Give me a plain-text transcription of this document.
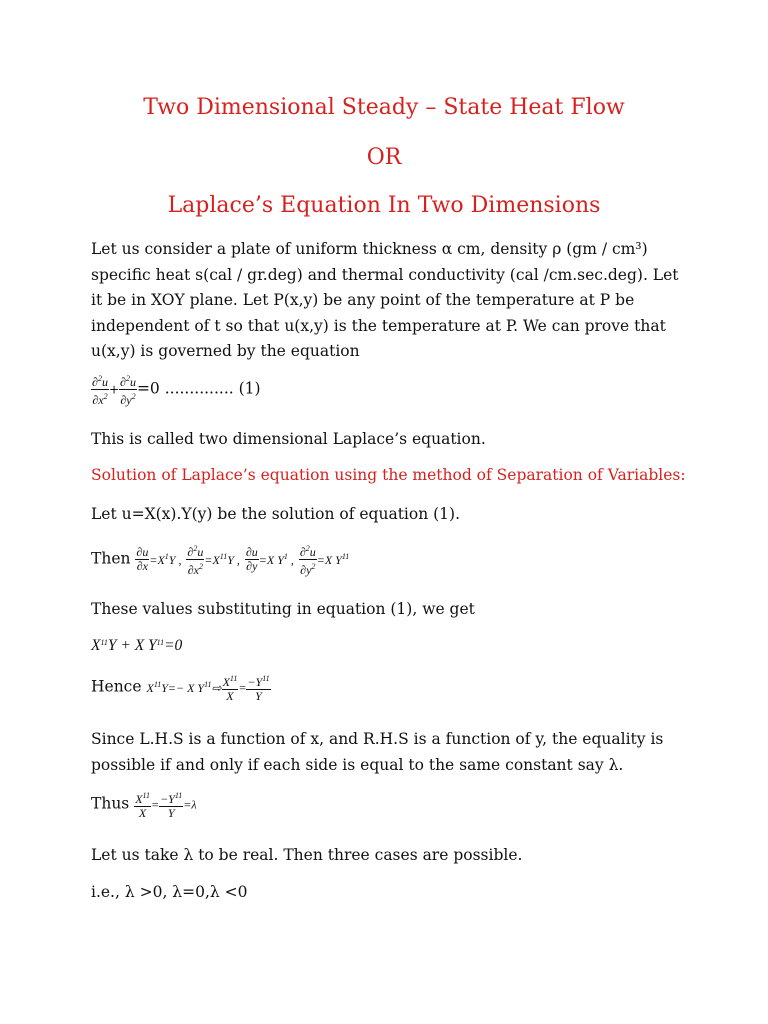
Two Dimensional Steady – State Heat Flow
OR
Laplace’s Equation In Two Dimensions
Let us consider a plate of uniform thickness α cm, density ρ (gm / cm³) specific heat s(cal / gr.deg) and thermal conductivity (cal /cm.sec.deg). Let it be in XOY plane. Let P(x,y) be any point of the temperature at P be independent of t so that u(x,y) is the temperature at P. We can prove that u(x,y) is governed by the equation
$\frac{\partial^2u}{\partial x^2} + \frac{\partial^2u}{\partial y^2} =0$ .............. (1)
This is called two dimensional Laplace’s equation.
Solution of Laplace’s equation using the method of Separation of Variables:
Let u=X(x).Y(y) be the solution of equation (1).
Then $\frac{\partial u}{\partial x} =X^1Y$ , $\frac{\partial^2u}{\partial x^2} =X^{11}Y$ , $\frac{\partial u}{\partial y} =X$ $Y^1$ , $\frac{\partial^2u}{\partial y^2} =X$ $Y^{11}$
These values substituting in equation (1), we get
$X^{11}Y + X$ $Y^{11}=0$
Hence $X^{11}Y=- X$ $Y^{11}⇨ \frac{X^{11}}{X} = \frac{-Y^{11}}{Y}$
Since L.H.S is a function of x, and R.H.S is a function of y, the equality is possible if and only if each side is equal to the same constant say λ.
Thus $\frac{X^{11}}{X} = \frac{-Y^{11}}{Y} =\lambda$
Let us take λ to be real. Then three cases are possible.
i.e., λ >0, λ=0,λ <0
